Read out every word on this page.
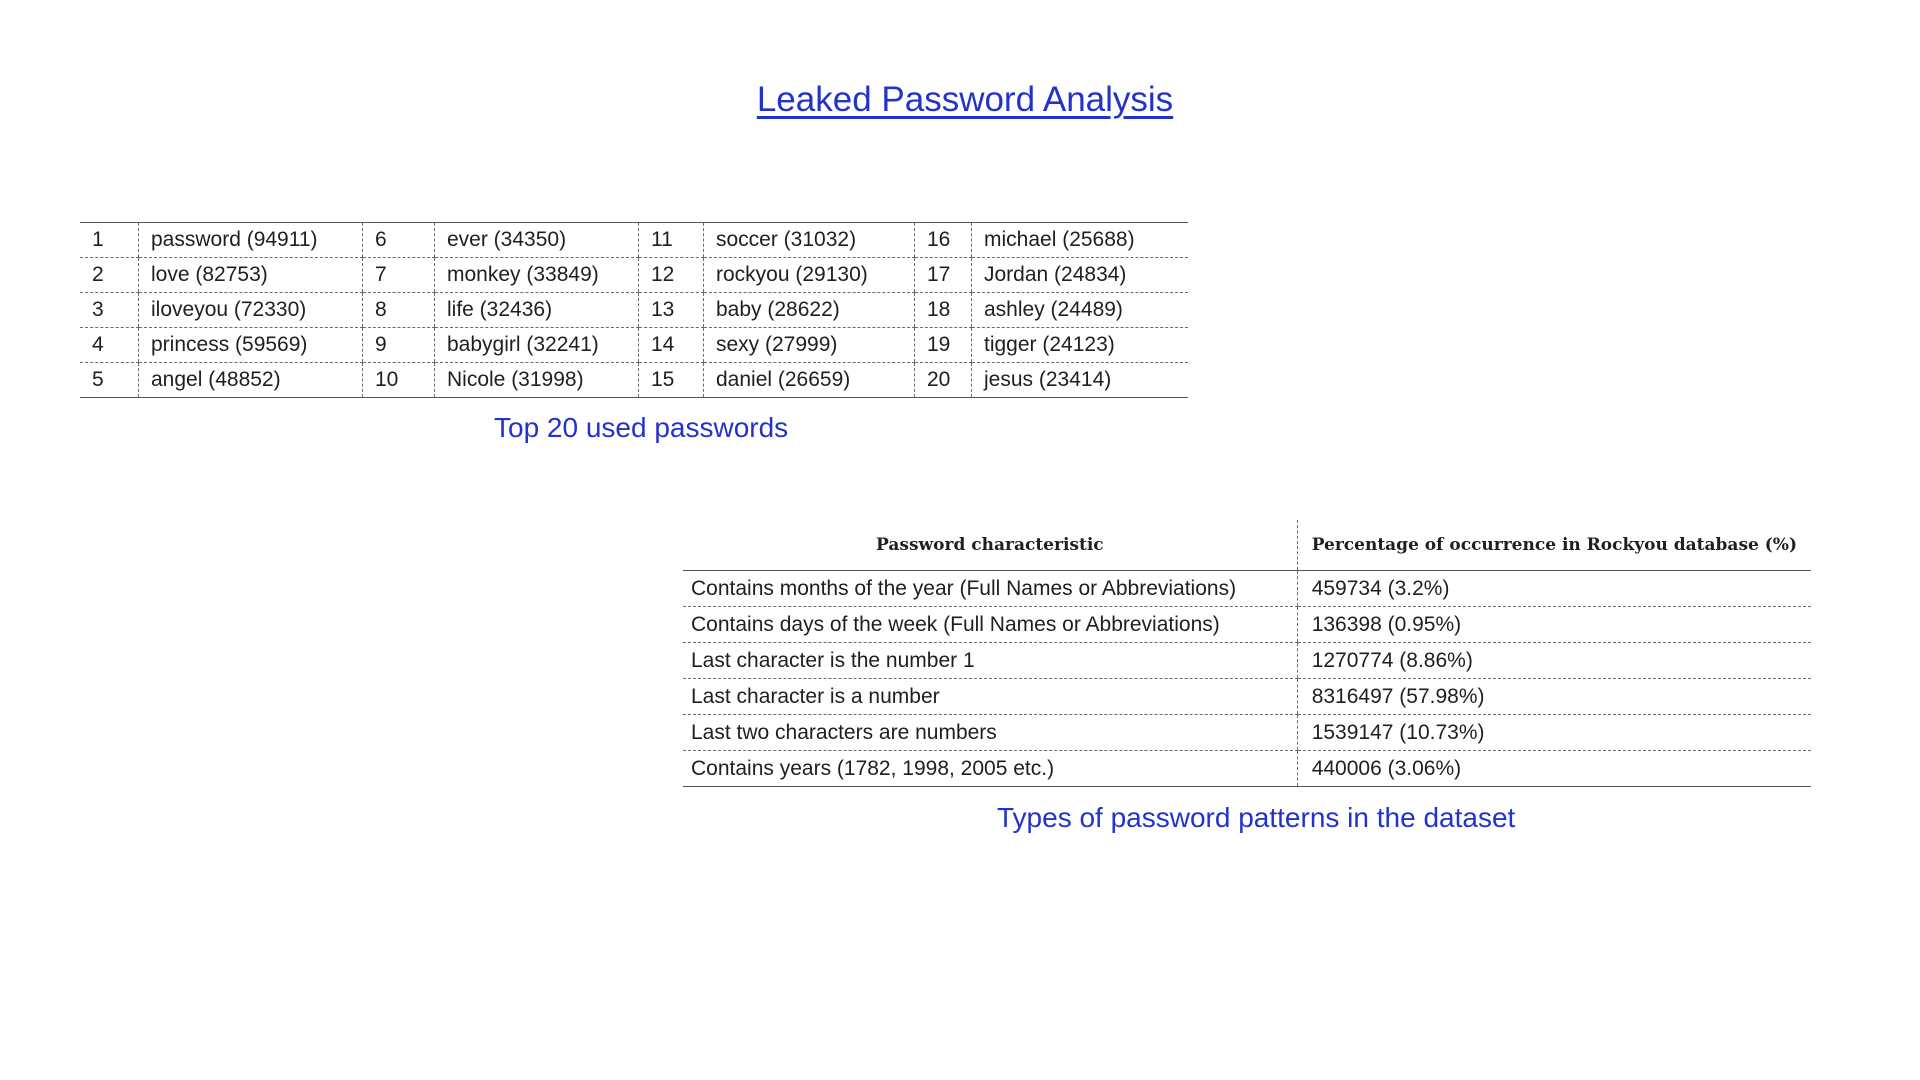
Leaked Password Analysis
1	password (94911)	6	ever (34350)	11	soccer (31032)	16	michael (25688)
2	love (82753)	7	monkey (33849)	12	rockyou (29130)	17	Jordan (24834)
3	iloveyou (72330)	8	life (32436)	13	baby (28622)	18	ashley (24489)
4	princess (59569)	9	babygirl (32241)	14	sexy (27999)	19	tigger (24123)
5	angel (48852)	10	Nicole (31998)	15	daniel (26659)	20	jesus (23414)
Top 20 used passwords
Password characteristic	Percentage of occurrence in Rockyou database (%)
Contains months of the year (Full Names or Abbreviations)	459734 (3.2%)
Contains days of the week (Full Names or Abbreviations)	136398 (0.95%)
Last character is the number 1	1270774 (8.86%)
Last character is a number	8316497 (57.98%)
Last two characters are numbers	1539147 (10.73%)
Contains years (1782, 1998, 2005 etc.)	440006 (3.06%)
Types of password patterns in the dataset
